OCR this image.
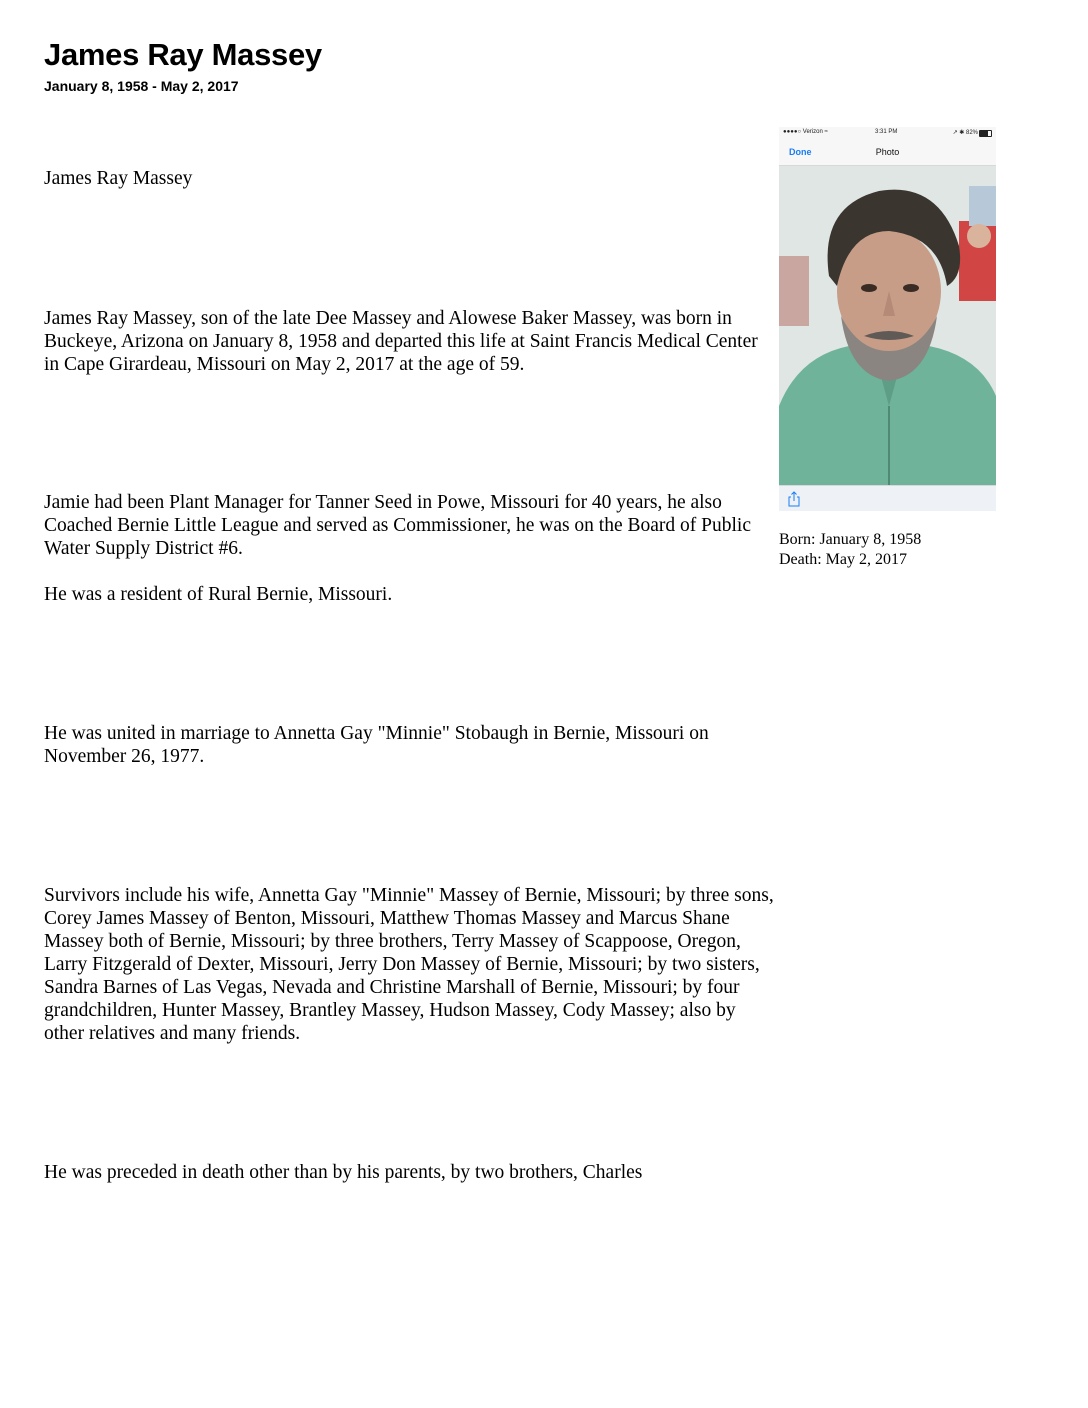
James Ray Massey
January 8, 1958 - May 2, 2017

James Ray Massey

James Ray Massey, son of the late Dee Massey and Alowese Baker Massey, was born in Buckeye, Arizona on January 8, 1958 and departed this life at Saint Francis Medical Center in Cape Girardeau, Missouri on May 2, 2017 at the age of 59.

Jamie had been Plant Manager for Tanner Seed in Powe, Missouri for 40 years, he also Coached Bernie Little League and served as Commissioner, he was on the Board of Public Water Supply District #6.

He was a resident of Rural Bernie, Missouri.

He was united in marriage to Annetta Gay "Minnie" Stobaugh in Bernie, Missouri on November 26, 1977.

Survivors include his wife, Annetta Gay "Minnie" Massey of Bernie, Missouri; by three sons, Corey James Massey of Benton, Missouri, Matthew Thomas Massey and Marcus Shane Massey both of Bernie, Missouri; by three brothers, Terry Massey of Scappoose, Oregon, Larry Fitzgerald of Dexter, Missouri, Jerry Don Massey of Bernie, Missouri; by two sisters, Sandra Barnes of Las Vegas, Nevada and Christine Marshall of Bernie, Missouri; by four grandchildren, Hunter Massey, Brantley Massey, Hudson Massey, Cody Massey; also by other relatives and many friends.

He was preceded in death other than by his parents, by two brothers, Charles

●●●●○ Verizon ≈	3:31 PM	↗ ✱ 82%
Done	Photo
Born: January 8, 1958
Death: May 2, 2017
